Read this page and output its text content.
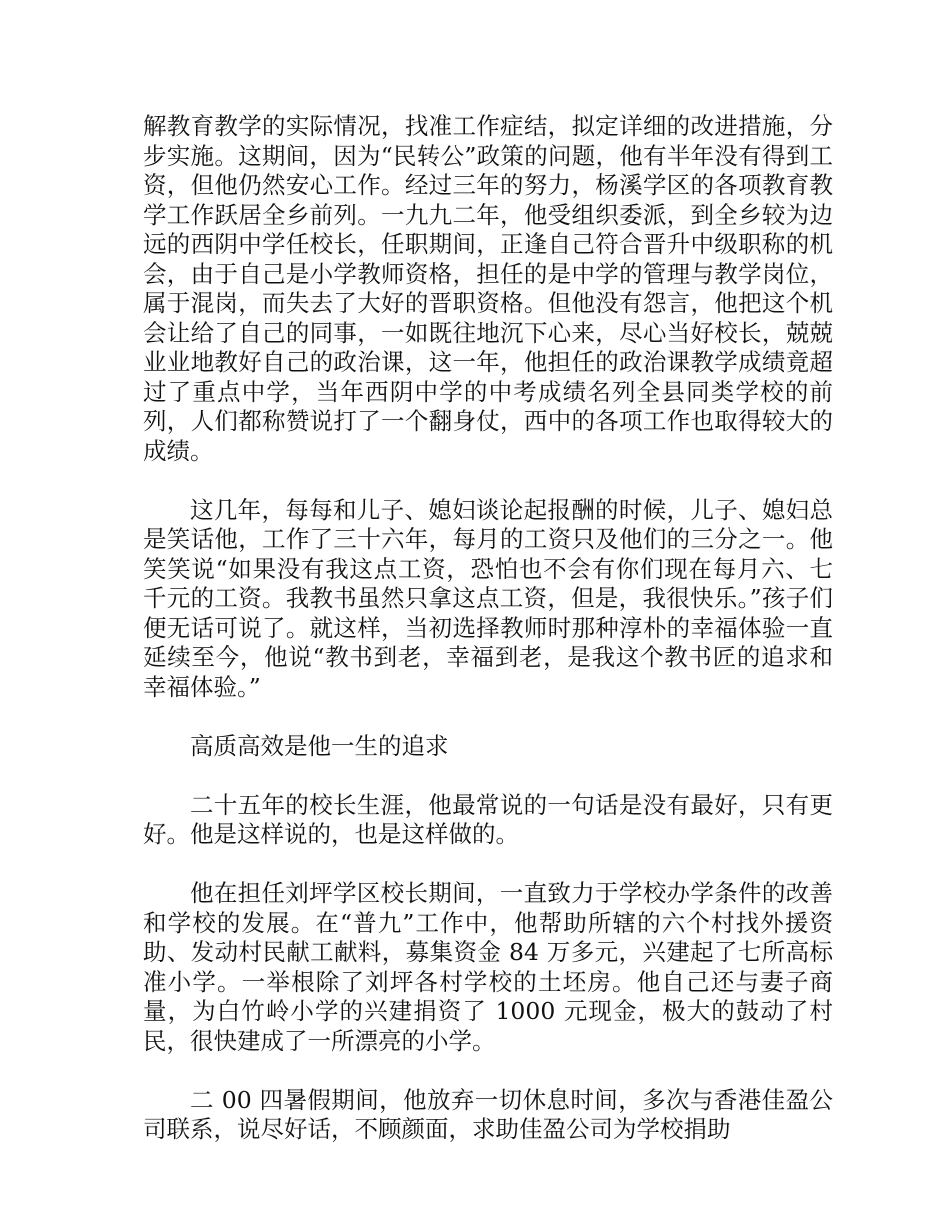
解教育教学的实际情况，找准工作症结，拟定详细的改进措施，分步实施。这期间，因为“民转公”政策的问题，他有半年没有得到工资，但他仍然安心工作。经过三年的努力，杨溪学区的各项教育教学工作跃居全乡前列。一九九二年，他受组织委派，到全乡较为边远的西阴中学任校长，任职期间，正逢自己符合晋升中级职称的机会，由于自己是小学教师资格，担任的是中学的管理与教学岗位，属于混岗，而失去了大好的晋职资格。但他没有怨言，他把这个机会让给了自己的同事，一如既往地沉下心来，尽心当好校长，兢兢业业地教好自己的政治课，这一年，他担任的政治课教学成绩竟超过了重点中学，当年西阴中学的中考成绩名列全县同类学校的前列，人们都称赞说打了一个翻身仗，西中的各项工作也取得较大的成绩。

这几年，每每和儿子、媳妇谈论起报酬的时候，儿子、媳妇总是笑话他，工作了三十六年，每月的工资只及他们的三分之一。他笑笑说“如果没有我这点工资，恐怕也不会有你们现在每月六、七千元的工资。我教书虽然只拿这点工资，但是，我很快乐。”孩子们便无话可说了。就这样，当初选择教师时那种淳朴的幸福体验一直延续至今，他说“教书到老，幸福到老，是我这个教书匠的追求和幸福体验。”

高质高效是他一生的追求

二十五年的校长生涯，他最常说的一句话是没有最好，只有更好。他是这样说的，也是这样做的。

他在担任刘坪学区校长期间，一直致力于学校办学条件的改善和学校的发展。在“普九”工作中，他帮助所辖的六个村找外援资助、发动村民献工献料，募集资金 84 万多元，兴建起了七所高标准小学。一举根除了刘坪各村学校的土坯房。他自己还与妻子商量，为白竹岭小学的兴建捐资了 1000 元现金，极大的鼓动了村民，很快建成了一所漂亮的小学。

二 00 四暑假期间，他放弃一切休息时间，多次与香港佳盈公司联系，说尽好话，不顾颜面，求助佳盈公司为学校捐助
